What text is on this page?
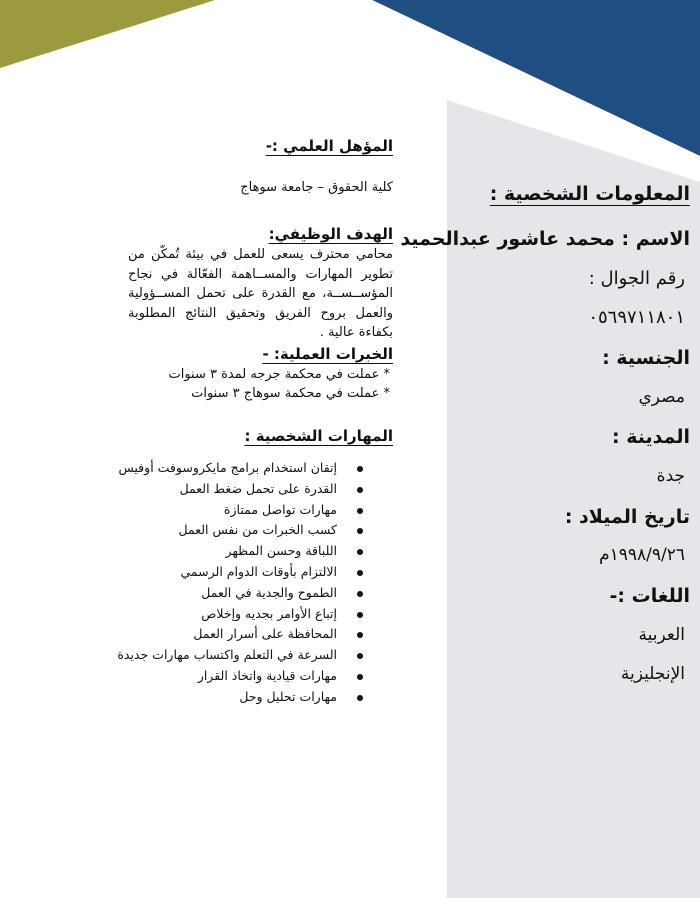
المعلومات الشخصية :
الاسم : محمد عاشور عبدالحميد
رقم الجوال :
٠٥٦٩٧١١٨٠١
الجنسية :
مصري
المدينة :
جدة
تاريخ الميلاد :
١٩٩٨/٩/٢٦م
اللغات :-
العربية
الإنجليزية
المؤهل العلمي :-
كلية الحقوق – جامعة سوهاج
الهدف الوظيفي:
محامي محترف يسعى للعمل في بيئة تُمكّن من تطوير المهارات والمســاهمة الفعّالة في نجاح المؤســســة، مع القدرة على تحمل المســؤولية والعمل بروح الفريق وتحقيق النتائج المطلوبة بكفاءة عالية .
الخبرات العملية: -
* عملت في محكمة جرجه لمدة ٣ سنوات
* عملت في محكمة سوهاج ٣ سنوات
المهارات الشخصية :
إتقان استخدام برامج مايكروسوفت أوفيس
القدرة على تحمل ضغط العمل
مهارات تواصل ممتازة
كسب الخبرات من نفس العمل
اللباقة وحسن المظهر
الالتزام بأوقات الدوام الرسمي
الطموح والجدية في العمل
إتباع الأوامر بجديه وإخلاص
المحافظة على أسرار العمل
السرعة في التعلم واكتساب مهارات جديدة
مهارات قيادية واتخاذ القرار
مهارات تحليل وحل
